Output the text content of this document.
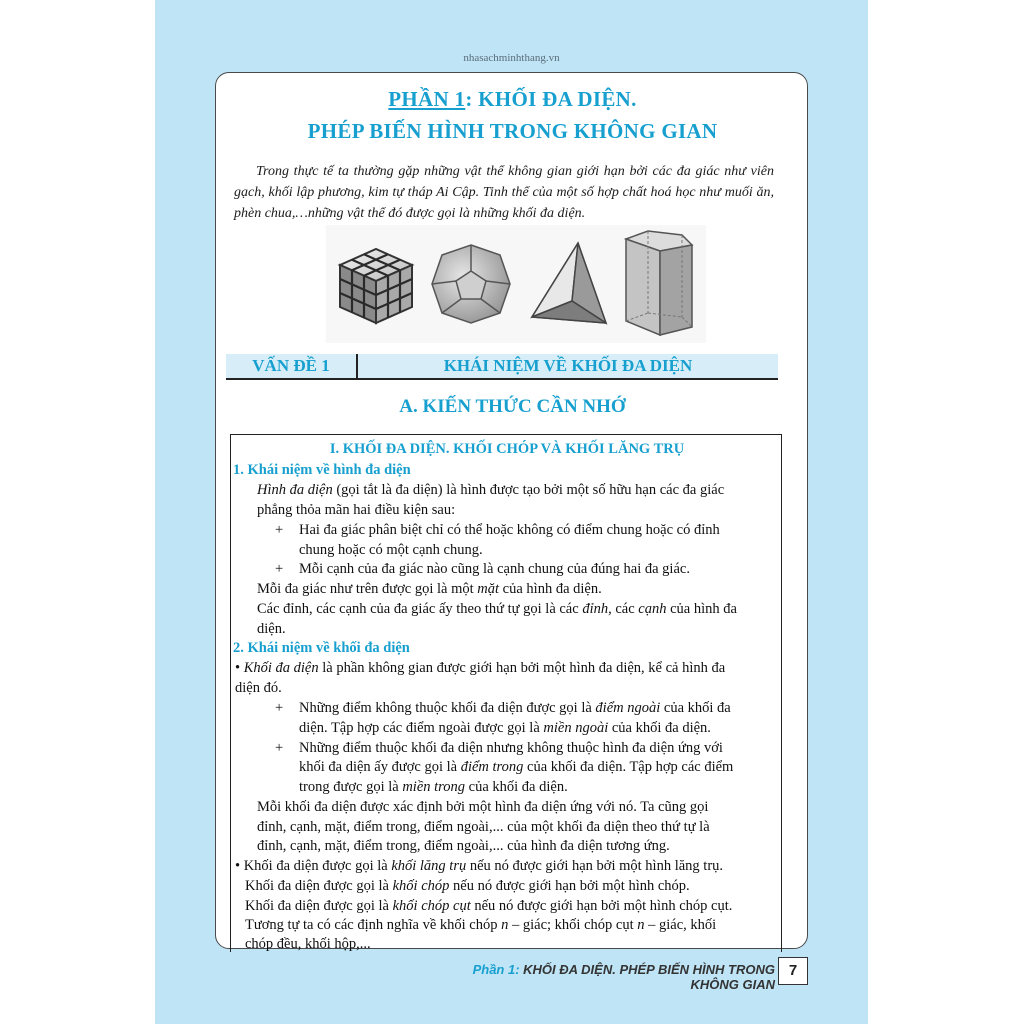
nhasachminhthang.vn
PHẦN 1: KHỐI ĐA DIỆN.
PHÉP BIẾN HÌNH TRONG KHÔNG GIAN
Trong thực tế ta thường gặp những vật thể không gian giới hạn bởi các đa giác như viên gạch, khối lập phương, kim tự tháp Ai Cập. Tinh thể của một số hợp chất hoá học như muối ăn, phèn chua,…những vật thể đó được gọi là những khối đa diện.
VẤN ĐỀ 1	KHÁI NIỆM VỀ KHỐI ĐA DIỆN
A. KIẾN THỨC CẦN NHỚ
I. KHỐI ĐA DIỆN. KHỐI CHÓP VÀ KHỐI LĂNG TRỤ
1. Khái niệm về hình đa diện
Hình đa diện (gọi tắt là đa diện) là hình được tạo bởi một số hữu hạn các đa giác
phẳng thỏa mãn hai điều kiện sau:
+ Hai đa giác phân biệt chỉ có thể hoặc không có điểm chung hoặc có đỉnh
chung hoặc có một cạnh chung.
+ Mỗi cạnh của đa giác nào cũng là cạnh chung của đúng hai đa giác.
Mỗi đa giác như trên được gọi là một mặt của hình đa diện.
Các đỉnh, các cạnh của đa giác ấy theo thứ tự gọi là các đỉnh, các cạnh của hình đa
diện.
2. Khái niệm về khối đa diện
• Khối đa diện là phần không gian được giới hạn bởi một hình đa diện, kể cả hình đa
diện đó.
+ Những điểm không thuộc khối đa diện được gọi là điểm ngoài của khối đa
diện. Tập hợp các điểm ngoài được gọi là miền ngoài của khối đa diện.
+ Những điểm thuộc khối đa diện nhưng không thuộc hình đa diện ứng với
khối đa diện ấy được gọi là điểm trong của khối đa diện. Tập hợp các điểm
trong được gọi là miền trong của khối đa diện.
Mỗi khối đa diện được xác định bởi một hình đa diện ứng với nó. Ta cũng gọi
đỉnh, cạnh, mặt, điểm trong, điểm ngoài,... của một khối đa diện theo thứ tự là
đỉnh, cạnh, mặt, điểm trong, điểm ngoài,... của hình đa diện tương ứng.
• Khối đa diện được gọi là khối lăng trụ nếu nó được giới hạn bởi một hình lăng trụ.
Khối đa diện được gọi là khối chóp nếu nó được giới hạn bởi một hình chóp.
Khối đa diện được gọi là khối chóp cụt nếu nó được giới hạn bởi một hình chóp cụt.
Tương tự ta có các định nghĩa về khối chóp n – giác; khối chóp cụt n – giác, khối
chóp đều, khối hộp,...
Phần 1: KHỐI ĐA DIỆN. PHÉP BIẾN HÌNH TRONG KHÔNG GIAN
7
